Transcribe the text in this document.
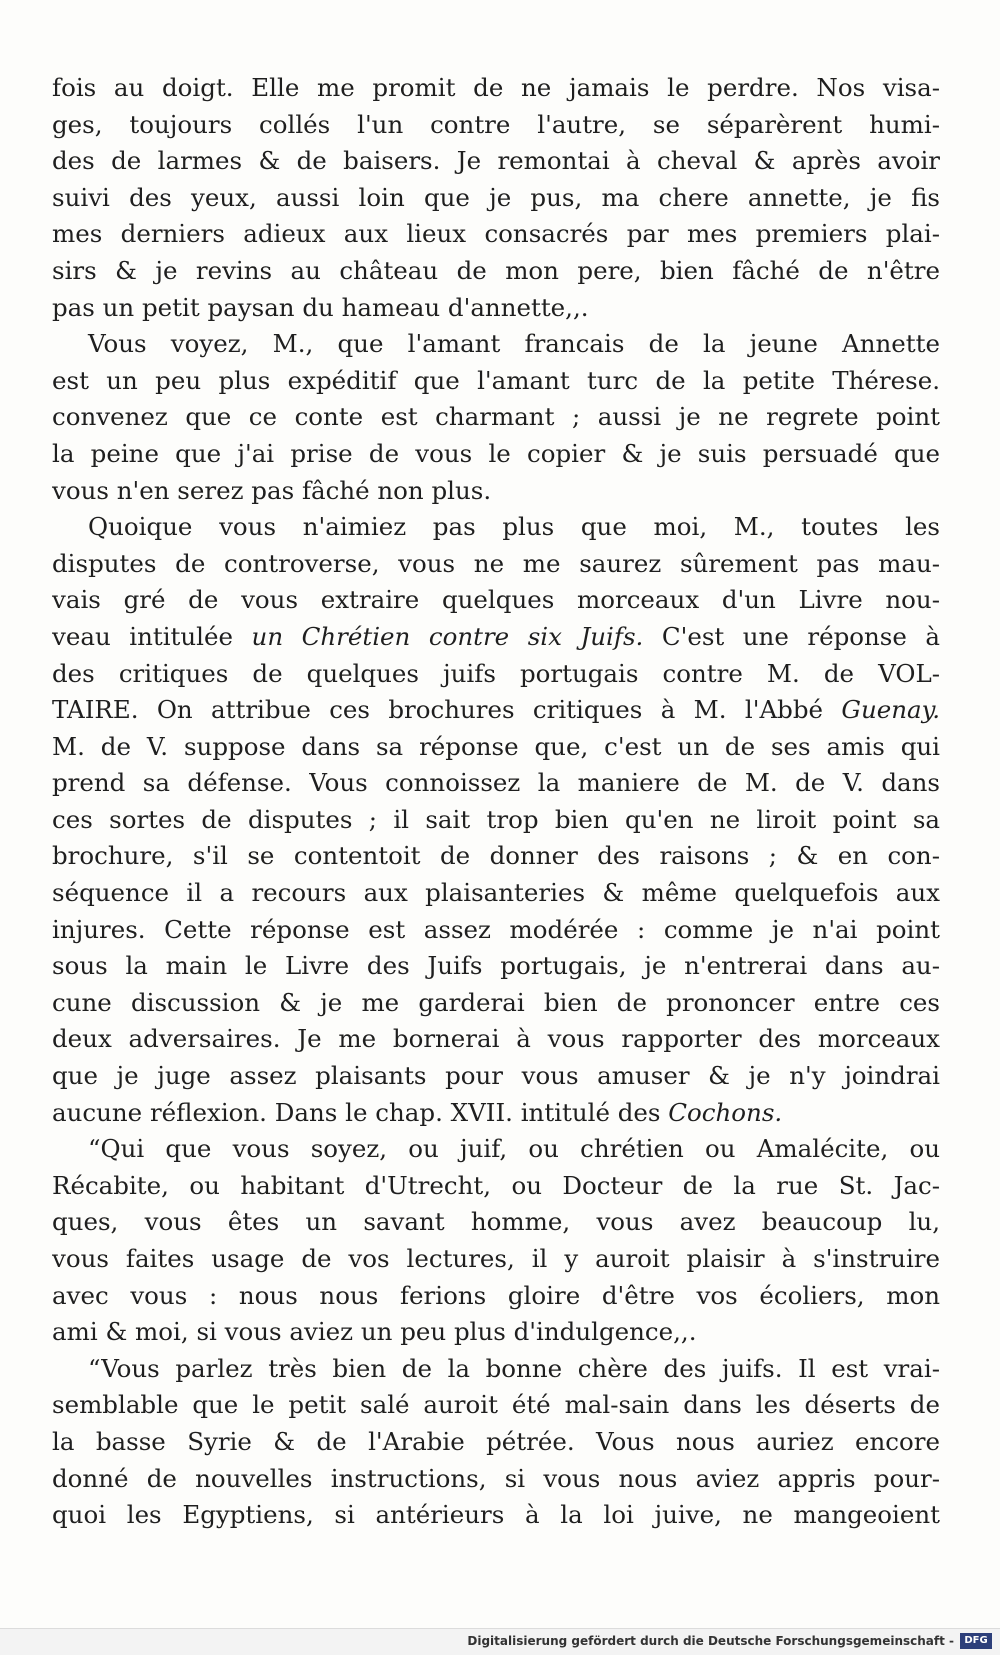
fois au doigt. Elle me promit de ne jamais le perdre. Nos visa-
ges, toujours collés l'un contre l'autre, se séparèrent humi-
des de larmes & de baisers. Je remontai à cheval & après avoir
suivi des yeux, aussi loin que je pus, ma chere annette, je fis
mes derniers adieux aux lieux consacrés par mes premiers plai-
sirs & je revins au château de mon pere, bien fâché de n'être
pas un petit paysan du hameau d'annette,,.
Vous voyez, M., que l'amant francais de la jeune Annette
est un peu plus expéditif que l'amant turc de la petite Thérese.
convenez que ce conte est charmant ; aussi je ne regrete point
la peine que j'ai prise de vous le copier & je suis persuadé que
vous n'en serez pas fâché non plus.
Quoique vous n'aimiez pas plus que moi, M., toutes les
disputes de controverse, vous ne me saurez sûrement pas mau-
vais gré de vous extraire quelques morceaux d'un Livre nou-
veau intitulée un Chrétien contre six Juifs. C'est une réponse à
des critiques de quelques juifs portugais contre M. de VOL-
TAIRE. On attribue ces brochures critiques à M. l'Abbé Guenay.
M. de V. suppose dans sa réponse que, c'est un de ses amis qui
prend sa défense. Vous connoissez la maniere de M. de V. dans
ces sortes de disputes ; il sait trop bien qu'en ne liroit point sa
brochure, s'il se contentoit de donner des raisons ; & en con-
séquence il a recours aux plaisanteries & même quelquefois aux
injures. Cette réponse est assez modérée : comme je n'ai point
sous la main le Livre des Juifs portugais, je n'entrerai dans au-
cune discussion & je me garderai bien de prononcer entre ces
deux adversaires. Je me bornerai à vous rapporter des morceaux
que je juge assez plaisants pour vous amuser & je n'y joindrai
aucune réflexion. Dans le chap. XVII. intitulé des Cochons.
“Qui que vous soyez, ou juif, ou chrétien ou Amalécite, ou
Récabite, ou habitant d'Utrecht, ou Docteur de la rue St. Jac-
ques, vous êtes un savant homme, vous avez beaucoup lu,
vous faites usage de vos lectures, il y auroit plaisir à s'instruire
avec vous : nous nous ferions gloire d'être vos écoliers, mon
ami & moi, si vous aviez un peu plus d'indulgence,,.
“Vous parlez très bien de la bonne chère des juifs. Il est vrai-
semblable que le petit salé auroit été mal-sain dans les déserts de
la basse Syrie & de l'Arabie pétrée. Vous nous auriez encore
donné de nouvelles instructions, si vous nous aviez appris pour-
quoi les Egyptiens, si antérieurs à la loi juive, ne mangeoient
Digitalisierung gefördert durch die Deutsche Forschungsgemeinschaft -	DFG
